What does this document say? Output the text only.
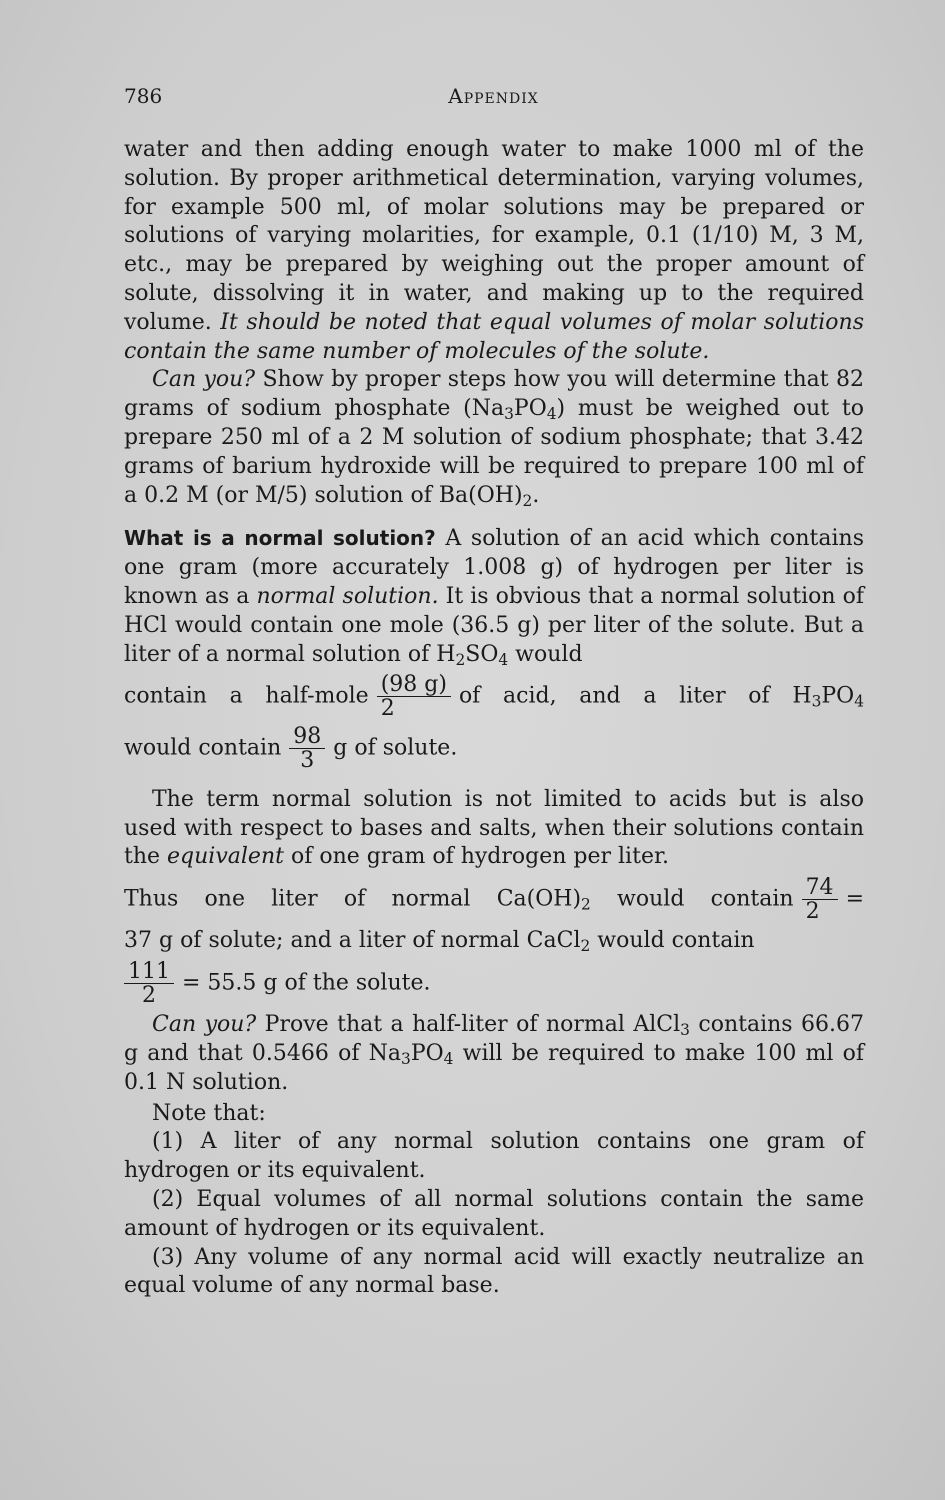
786	Appendix

water and then adding enough water to make 1000 ml of the solution. By proper arithmetical determination, varying volumes, for example 500 ml, of molar solutions may be prepared or solutions of varying molarities, for example, 0.1 (1/10) M, 3 M, etc., may be prepared by weighing out the proper amount of solute, dissolving it in water, and making up to the required volume. It should be noted that equal volumes of molar solutions contain the same number of molecules of the solute.

Can you? Show by proper steps how you will determine that 82 grams of sodium phosphate $(Na_3PO_4)$ must be weighed out to prepare 250 ml of a 2 M solution of sodium phosphate; that 3.42 grams of barium hydroxide will be required to prepare 100 ml of a 0.2 M (or M/5) solution of $Ba(OH)_2$.

What is a normal solution? A solution of an acid which contains one gram (more accurately 1.008 g) of hydrogen per liter is known as a normal solution. It is obvious that a normal solution of HCl would contain one mole (36.5 g) per liter of the solute. But a liter of a normal solution of $H_2SO_4$ would

contain a half-mole $\frac{(98 g)}{2}$ of acid, and a liter of $H_3PO_4$

would contain $\frac{98}{3}$ g of solute.

The term normal solution is not limited to acids but is also used with respect to bases and salts, when their solutions contain the equivalent of one gram of hydrogen per liter.

Thus one liter of normal $Ca(OH)_2$ would contain $\frac{74}{2}$ =

37 g of solute; and a liter of normal CaCl$_2$ would contain

$\frac{111}{2} = 55.5$ g of the solute.

Can you? Prove that a half-liter of normal AlCl$_3$ contains 66.67 g and that 0.5466 of $Na_3PO_4$ will be required to make 100 ml of 0.1 N solution.

Note that:

(1) A liter of any normal solution contains one gram of hydrogen or its equivalent.

(2) Equal volumes of all normal solutions contain the same amount of hydrogen or its equivalent.

(3) Any volume of any normal acid will exactly neutralize an equal volume of any normal base.
